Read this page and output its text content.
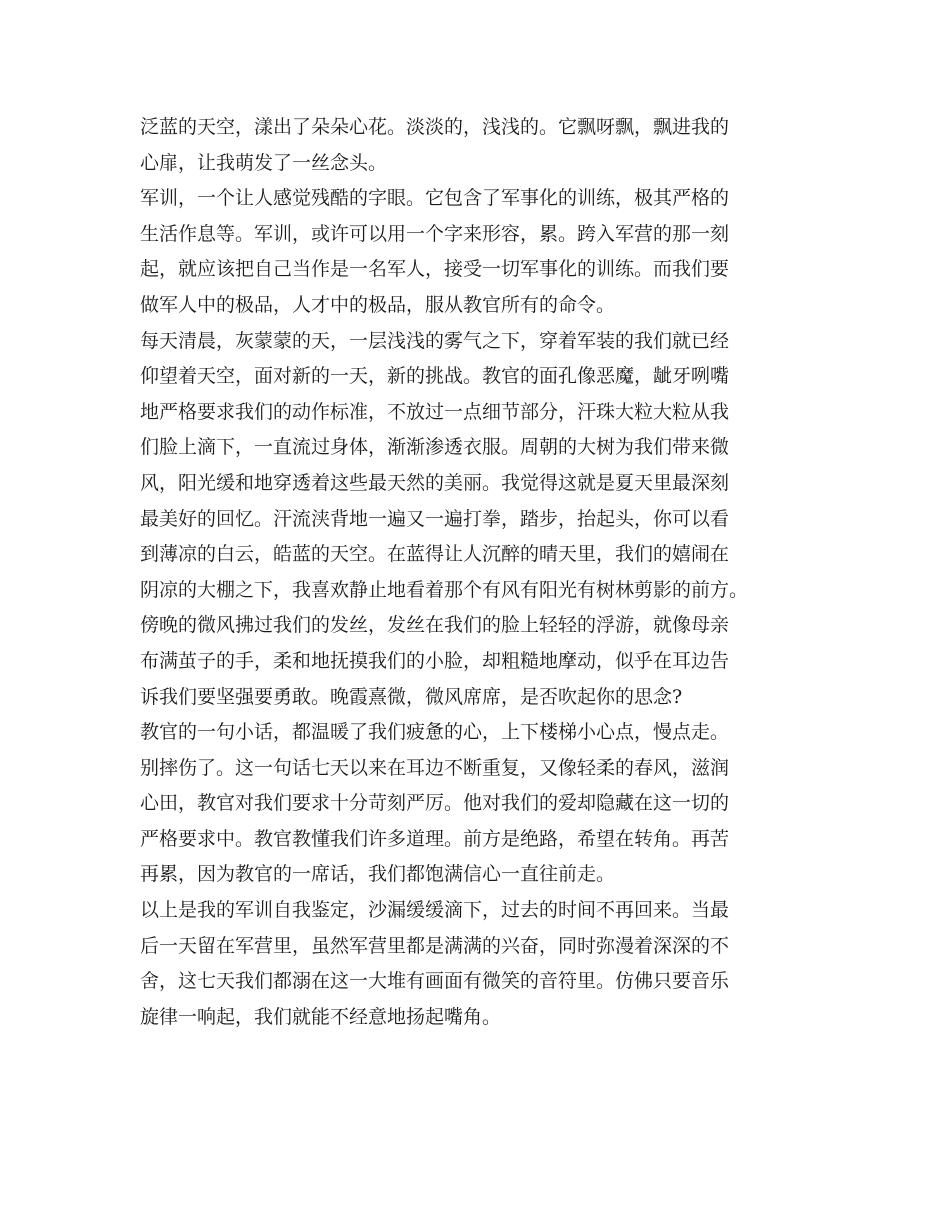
泛蓝的天空，漾出了朵朵心花。淡淡的，浅浅的。它飘呀飘，飘进我的
心扉，让我萌发了一丝念头。
军训，一个让人感觉残酷的字眼。它包含了军事化的训练，极其严格的
生活作息等。军训，或许可以用一个字来形容，累。跨入军营的那一刻
起，就应该把自己当作是一名军人，接受一切军事化的训练。而我们要
做军人中的极品，人才中的极品，服从教官所有的命令。
每天清晨，灰蒙蒙的天，一层浅浅的雾气之下，穿着军装的我们就已经
仰望着天空，面对新的一天，新的挑战。教官的面孔像恶魔，龇牙咧嘴
地严格要求我们的动作标准，不放过一点细节部分，汗珠大粒大粒从我
们脸上滴下，一直流过身体，渐渐渗透衣服。周朝的大树为我们带来微
风，阳光缓和地穿透着这些最天然的美丽。我觉得这就是夏天里最深刻
最美好的回忆。汗流浃背地一遍又一遍打拳，踏步，抬起头，你可以看
到薄凉的白云，皓蓝的天空。在蓝得让人沉醉的晴天里，我们的嬉闹在
阴凉的大棚之下，我喜欢静止地看着那个有风有阳光有树林剪影的前方。
傍晚的微风拂过我们的发丝，发丝在我们的脸上轻轻的浮游，就像母亲
布满茧子的手，柔和地抚摸我们的小脸，却粗糙地摩动，似乎在耳边告
诉我们要坚强要勇敢。晚霞熹微，微风席席，是否吹起你的思念?
教官的一句小话，都温暖了我们疲惫的心，上下楼梯小心点，慢点走。
别摔伤了。这一句话七天以来在耳边不断重复，又像轻柔的春风，滋润
心田，教官对我们要求十分苛刻严厉。他对我们的爱却隐藏在这一切的
严格要求中。教官教懂我们许多道理。前方是绝路，希望在转角。再苦
再累，因为教官的一席话，我们都饱满信心一直往前走。
以上是我的军训自我鉴定，沙漏缓缓滴下，过去的时间不再回来。当最
后一天留在军营里，虽然军营里都是满满的兴奋，同时弥漫着深深的不
舍，这七天我们都溺在这一大堆有画面有微笑的音符里。仿佛只要音乐
旋律一响起，我们就能不经意地扬起嘴角。
